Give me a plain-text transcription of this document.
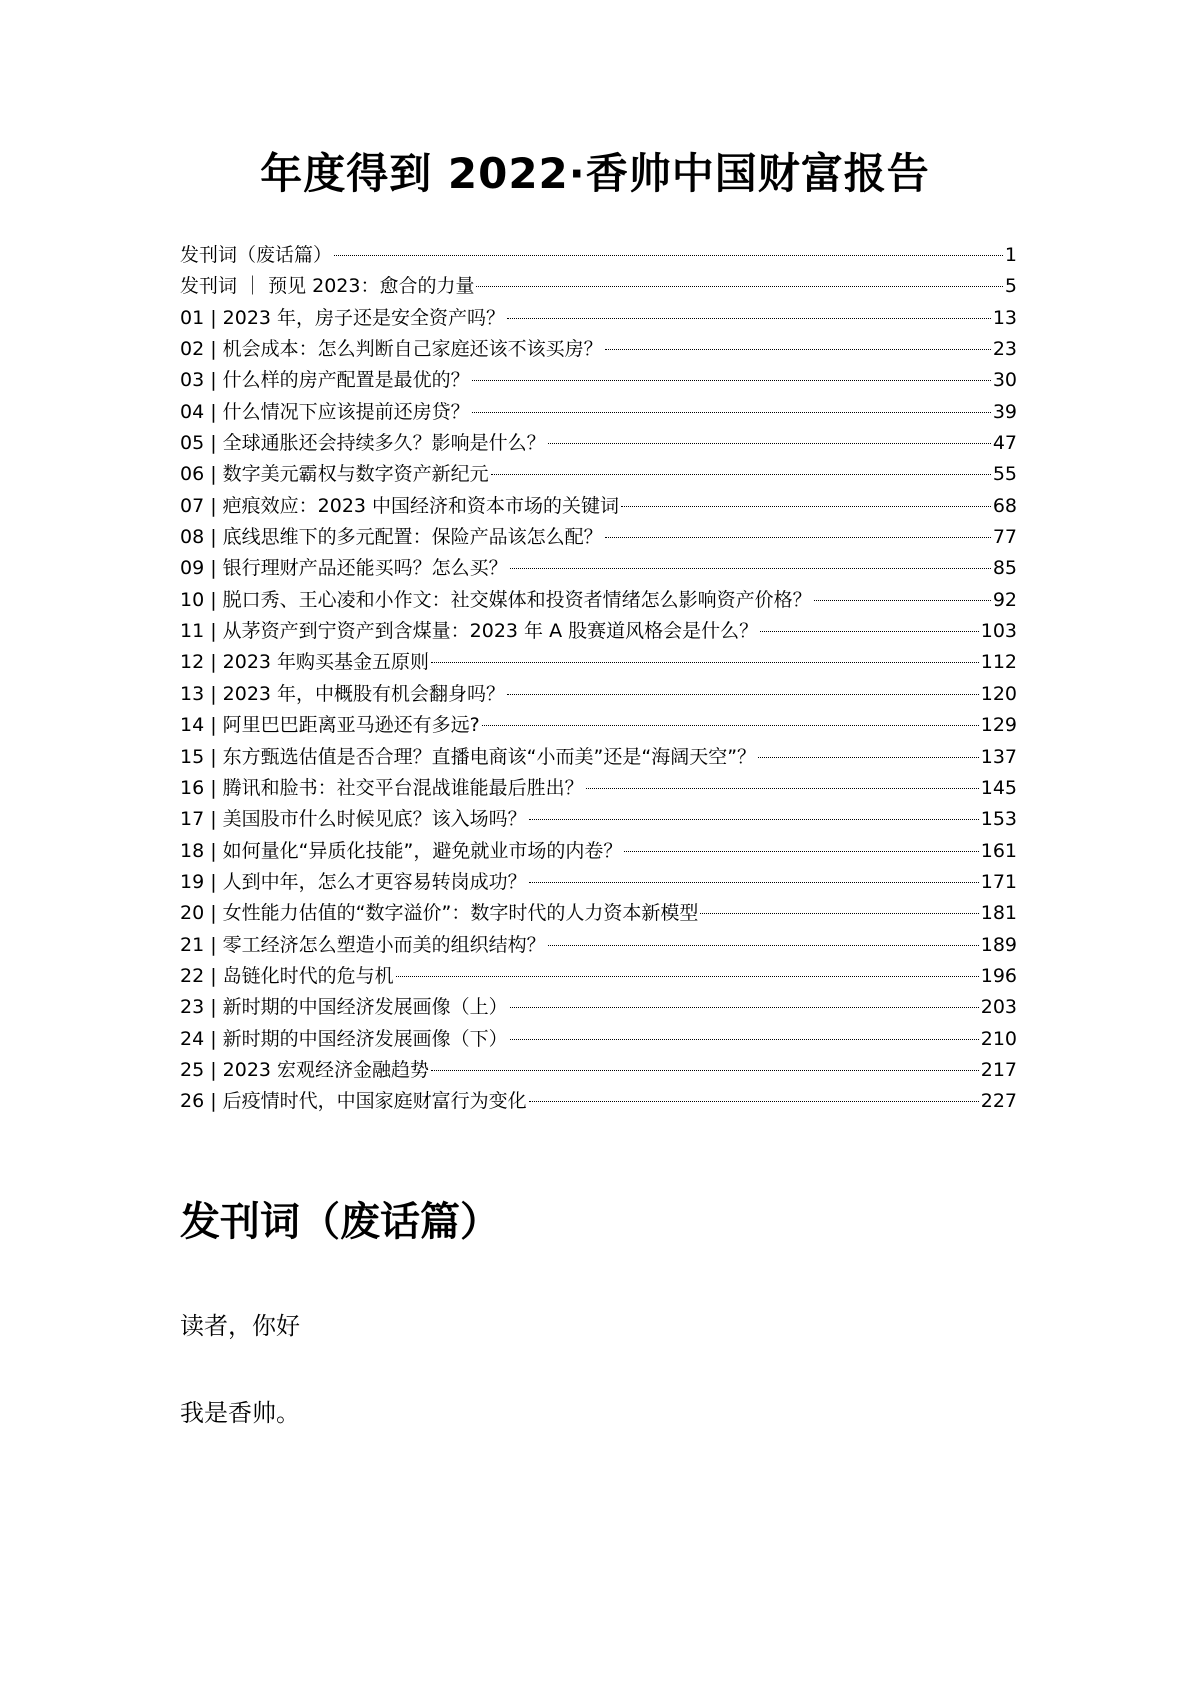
年度得到 2022·香帅中国财富报告
发刊词（废话篇）	1
发刊词 ｜ 预见 2023：愈合的力量	5
01 | 2023 年，房子还是安全资产吗？	13
02 | 机会成本：怎么判断自己家庭还该不该买房？	23
03 | 什么样的房产配置是最优的？	30
04 | 什么情况下应该提前还房贷？	39
05 | 全球通胀还会持续多久？影响是什么？	47
06 | 数字美元霸权与数字资产新纪元	55
07 | 疤痕效应：2023 中国经济和资本市场的关键词	68
08 | 底线思维下的多元配置：保险产品该怎么配？	77
09 | 银行理财产品还能买吗？怎么买？	85
10 | 脱口秀、王心凌和小作文：社交媒体和投资者情绪怎么影响资产价格？	92
11 | 从茅资产到宁资产到含煤量：2023 年 A 股赛道风格会是什么？	103
12 | 2023 年购买基金五原则	112
13 | 2023 年，中概股有机会翻身吗？	120
14 | 阿里巴巴距离亚马逊还有多远?	129
15 | 东方甄选估值是否合理？直播电商该“小而美”还是“海阔天空”？	137
16 | 腾讯和脸书：社交平台混战谁能最后胜出？	145
17 | 美国股市什么时候见底？该入场吗？	153
18 | 如何量化“异质化技能”，避免就业市场的内卷？	161
19 | 人到中年，怎么才更容易转岗成功？	171
20 | 女性能力估值的“数字溢价”：数字时代的人力资本新模型	181
21 | 零工经济怎么塑造小而美的组织结构？	189
22 | 岛链化时代的危与机	196
23 | 新时期的中国经济发展画像（上）	203
24 | 新时期的中国经济发展画像（下）	210
25 | 2023 宏观经济金融趋势	217
26 | 后疫情时代，中国家庭财富行为变化	227
发刊词（废话篇）
读者，你好
我是香帅。
